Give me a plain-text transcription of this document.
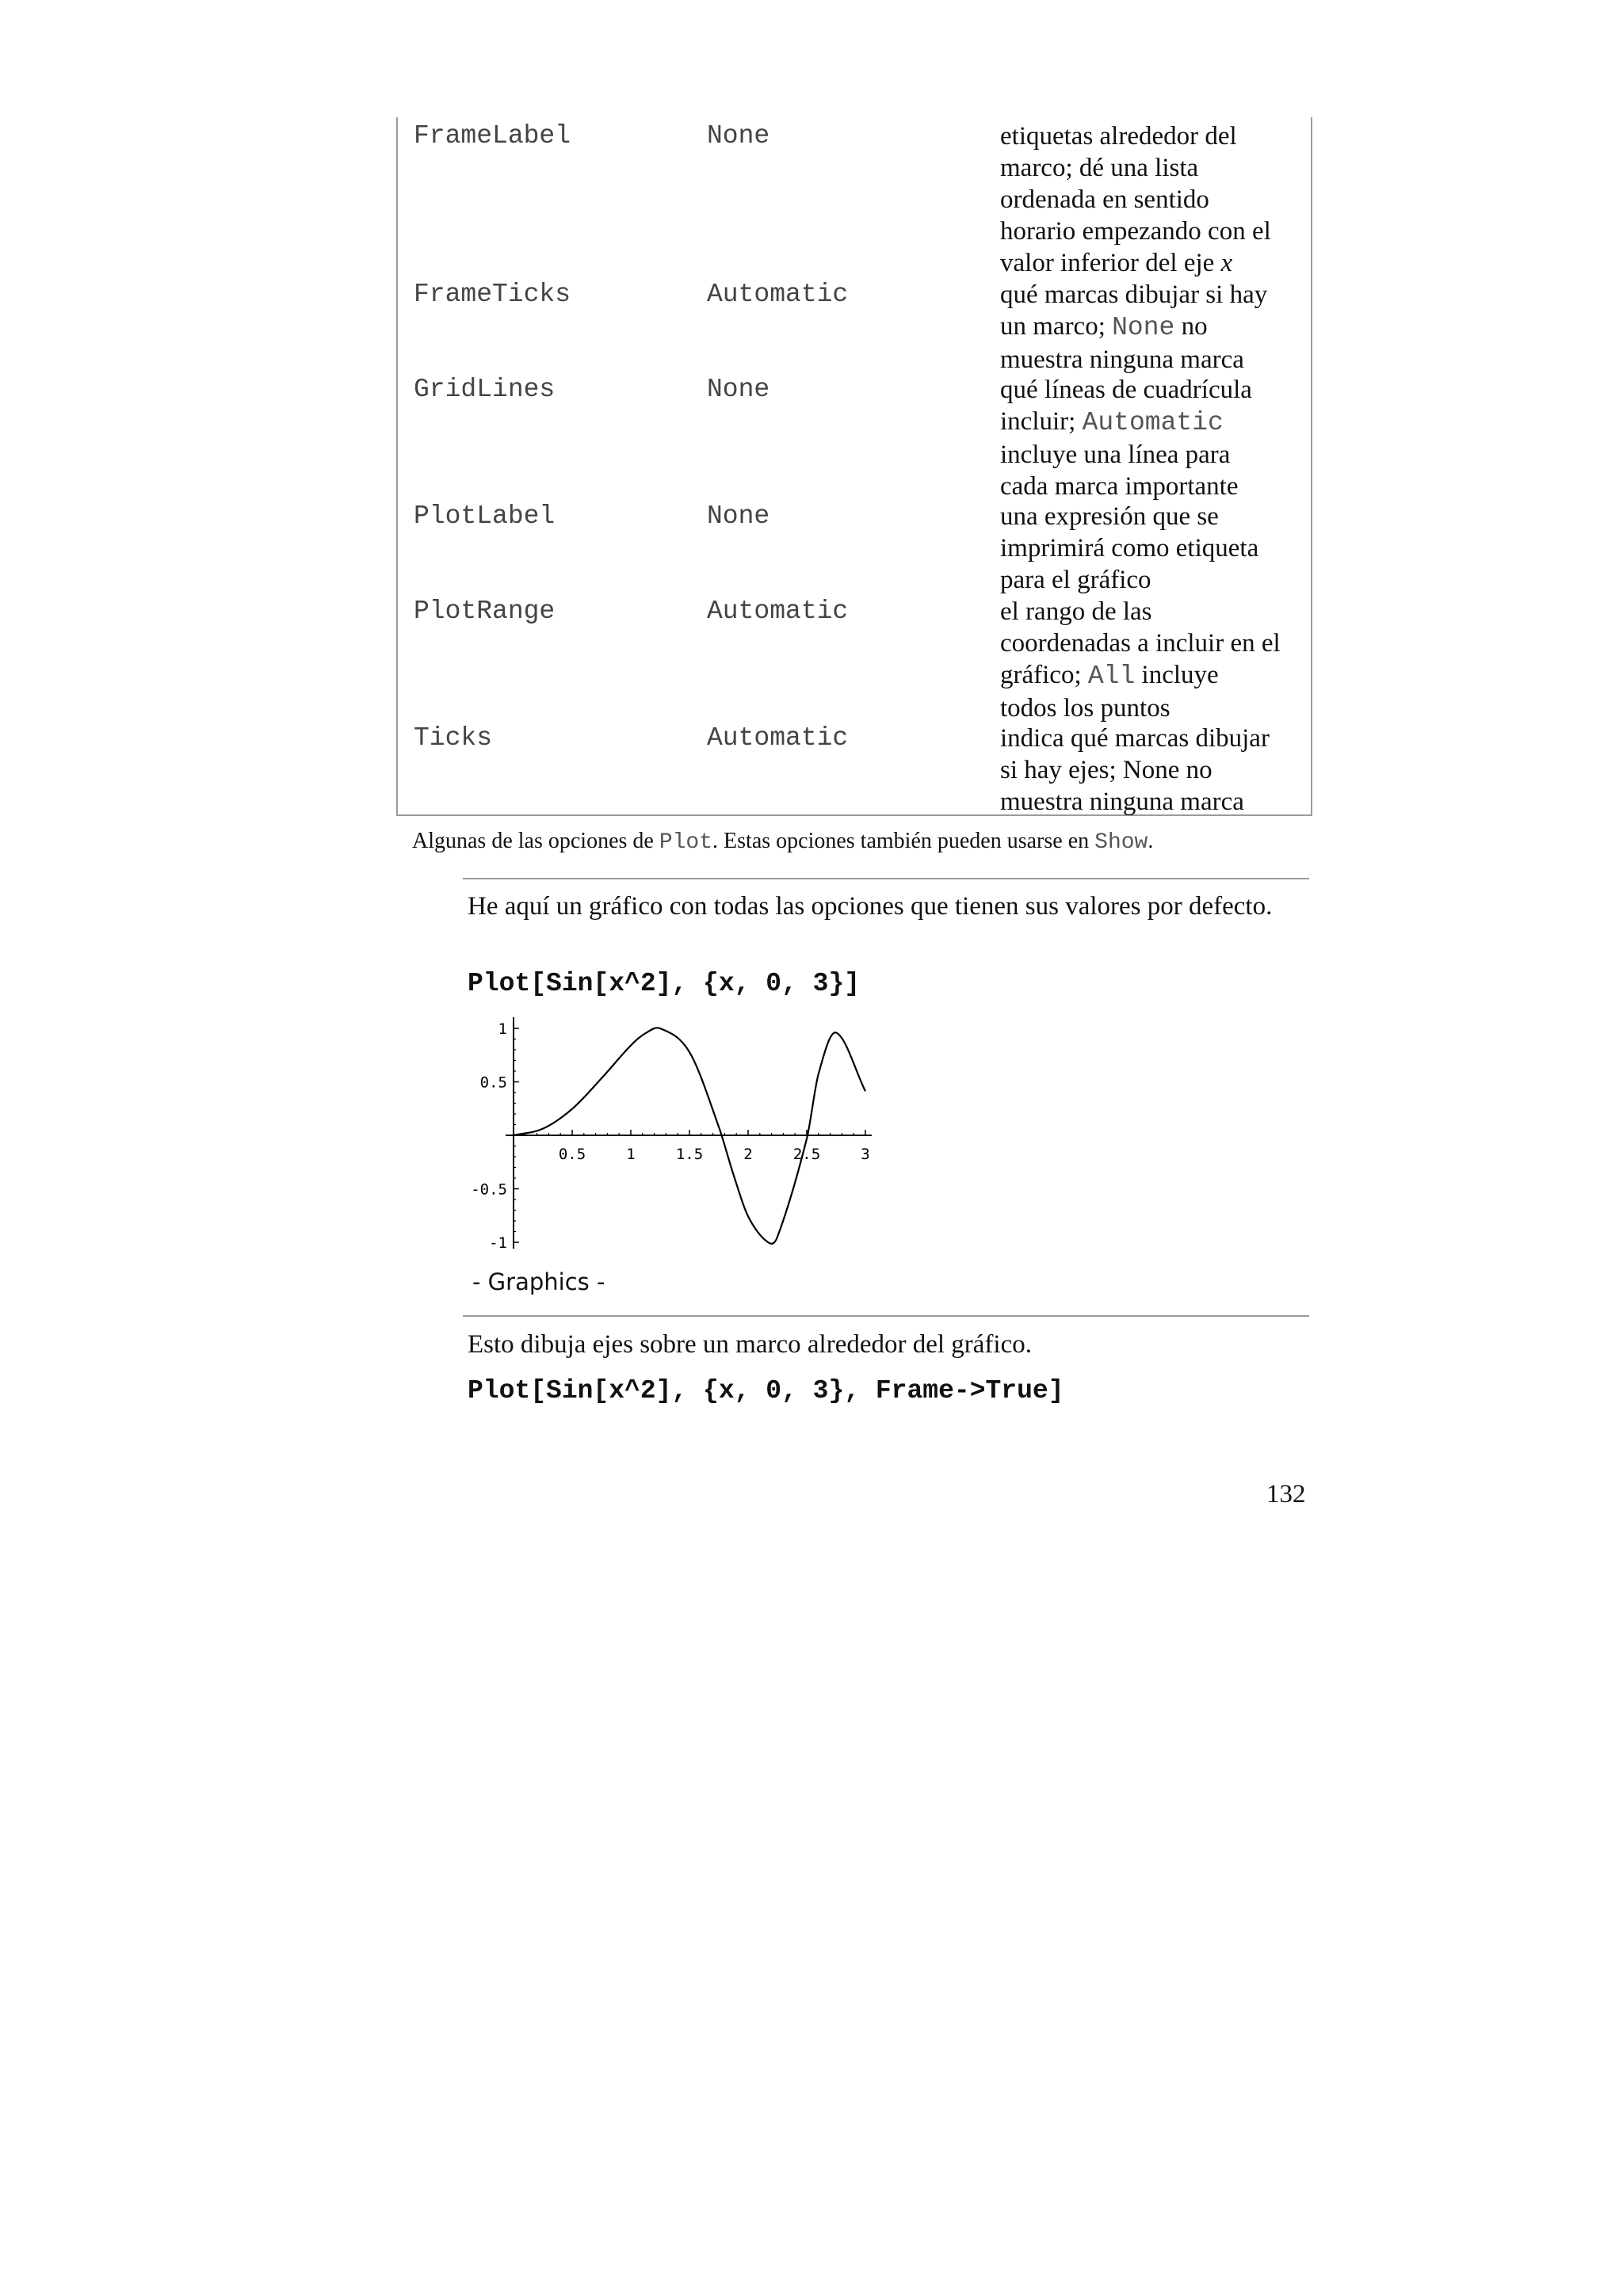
FrameLabel	None	etiquetas alrededor del
marco; dé una lista
ordenada en sentido
horario empezando con el
valor inferior del eje x
FrameTicks	Automatic	qué marcas dibujar si hay
un marco; None no
muestra ninguna marca
GridLines	None	qué líneas de cuadrícula
incluir; Automatic
incluye una línea para
cada marca importante
PlotLabel	None	una expresión que se
imprimirá como etiqueta
para el gráfico
PlotRange	Automatic	el rango de las
coordenadas a incluir en el
gráfico; All incluye
todos los puntos
Ticks	Automatic	indica qué marcas dibujar
si hay ejes; None no
muestra ninguna marca
Algunas de las opciones de Plot. Estas opciones también pueden usarse en Show.
He aquí un gráfico con todas las opciones que tienen sus valores por defecto.
Plot[Sin[x^2], {x, 0, 3}]
0.5	1	1.5	2	2.5	3
1
0.5
-0.5
-1
- Graphics -
Esto dibuja ejes sobre un marco alrededor del gráfico.
Plot[Sin[x^2], {x, 0, 3}, Frame->True]
132
